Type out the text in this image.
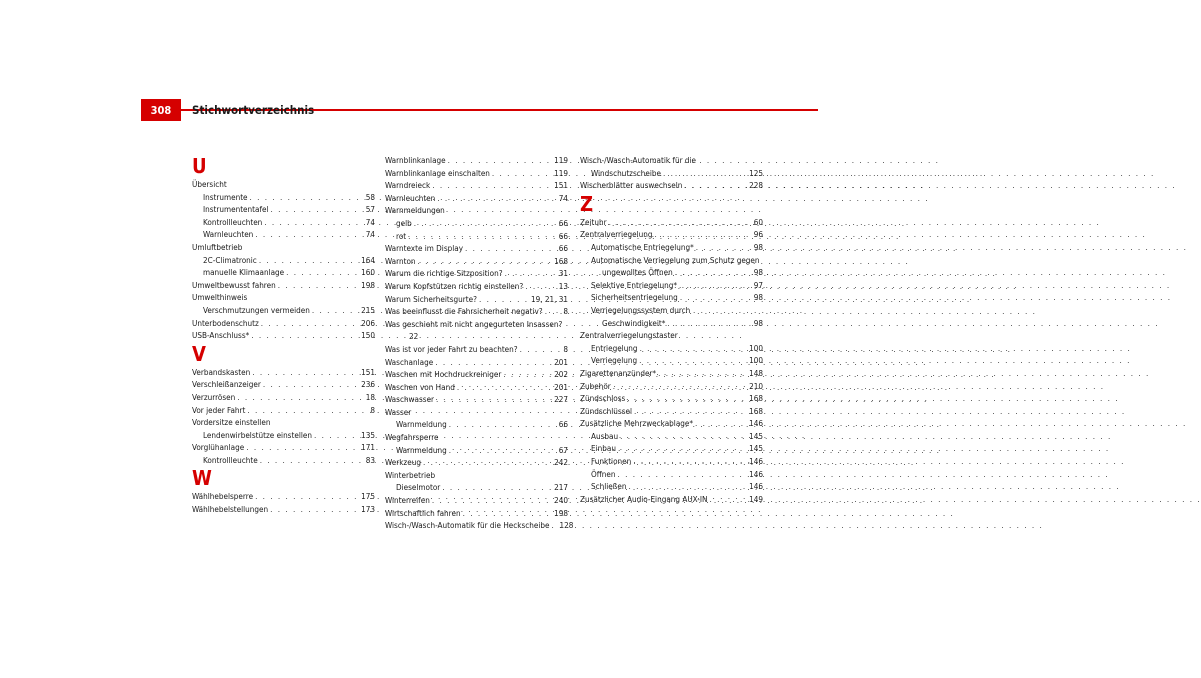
308	Stichwortverzeichnis
U
Übersicht
Instrumente . . .	58
Instrumententafel . . .	57
Kontrollleuchten . . .	74
Warnleuchten . . .	74
Umluftbetrieb
2C-Climatronic . . .	164
manuelle Klimaanlage . . .	160
Umweltbewusst fahren . . .	198
Umwelthinweis
Verschmutzungen vermeiden . . .	215
Unterbodenschutz . . .	206
USB-Anschluss* . . .	150
V
Verbandskasten . . .	151
Verschleißanzeiger . . .	236
Verzurrösen . . .	18
Vor jeder Fahrt . . .	8
Vordersitze einstellen
Lendenwirbelstütze einstellen . . .	135
Vorglühanlage . . .	171
Kontrollleuchte . . .	83
W
Wählhebelsperre . . .	175
Wählhebelstellungen . . .	173
Warnblinkanlage . . .	119
Warnblinkanlage einschalten . . .	119
Warndreieck . . .	151
Warnleuchten . . .	74
Warnmeldungen
gelb . . .	66
rot . . .	66
Warntexte im Display . . .	66
Warnton . . .	168
Warum die richtige Sitzposition? . . .	31
Warum Kopfstützen richtig einstellen? . . .	13
Warum Sicherheitsgurte? . . .	19, 21, 31
Was beeinflusst die Fahrsicherheit negativ? . . .	8
Was geschieht mit nicht angegurteten Insassen?
22
Was ist vor jeder Fahrt zu beachten? . . .	8
Waschanlage . . .	201
Waschen mit Hochdruckreiniger . . .	202
Waschen von Hand . . .	201
Waschwasser . . .	227
Wasser
Warnmeldung . . .	66
Wegfahrsperre
Warnmeldung . . .	67
Werkzeug . . .	242
Winterbetrieb
Dieselmotor . . .	217
Winterreifen . . .	240
Wirtschaftlich fahren . . .	198
Wisch-/Wasch-Automatik für die Heckscheibe . . . 128
Wisch-/Wasch-Automatik für die
Windschutzscheibe . . .	125
Wischerblätter auswechseln . . .	228
Z
Zeituhr . . .	60
Zentralverriegelung . . .	96
Automatische Entriegelung* . . .	98
Automatische Verriegelung zum Schutz gegen
ungewolltes Öffnen . . .	98
Selektive Entriegelung* . . .	97
Sicherheitsentriegelung . . .	98
Verriegelungssystem durch
Geschwindigkeit* . . .	98
Zentralverriegelungstaster
Entriegelung . . .	100
Verriegelung . . .	100
Zigarettenanzünder* . . .	148
Zubehör . . .	210
Zündschloss . . .	168
Zündschlüssel . . .	168
Zusätzliche Mehrzweckablage* . . .	146
Ausbau . . .	145
Einbau . . .	145
Funktionen . . .	146
Öffnen . . .	146
Schließen . . .	146
Zusätzlicher Audio-Eingang AUX-IN . . .	149
